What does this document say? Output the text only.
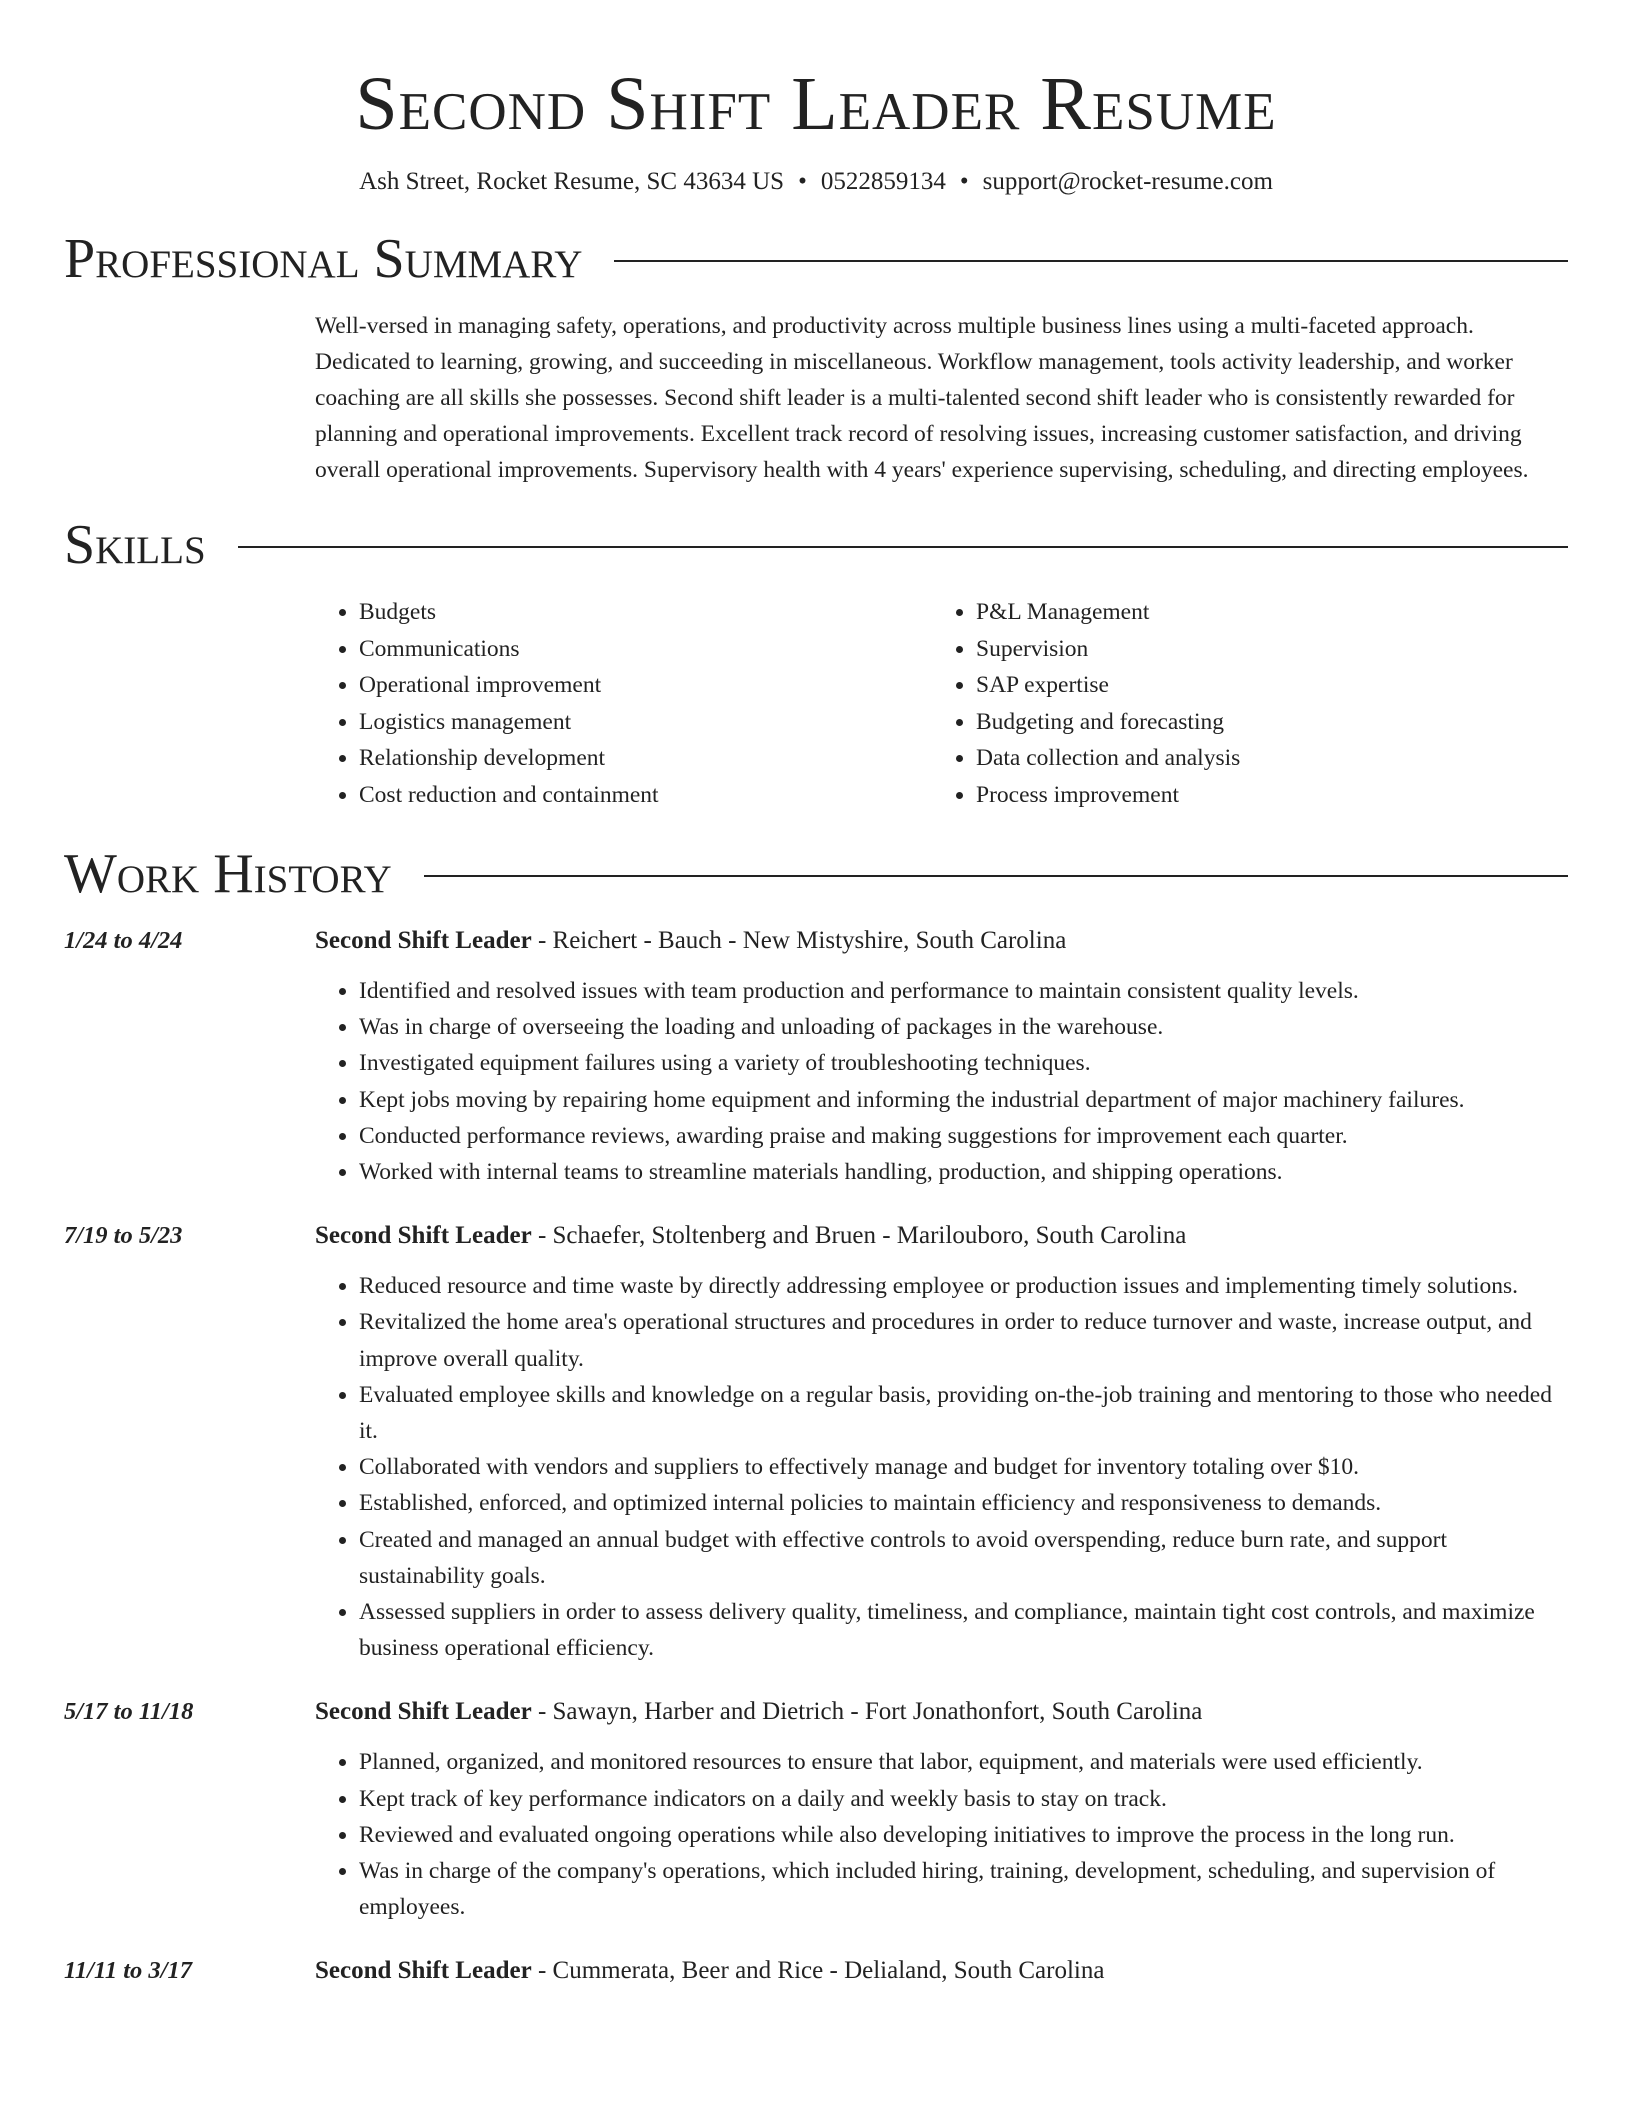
Second Shift Leader Resume
Ash Street, Rocket Resume, SC 43634 US • 0522859134 • support@rocket-resume.com
Professional Summary

Well-versed in managing safety, operations, and productivity across multiple business lines using a multi-faceted approach. Dedicated to learning, growing, and succeeding in miscellaneous. Workflow management, tools activity leadership, and worker coaching are all skills she possesses. Second shift leader is a multi-talented second shift leader who is consistently rewarded for planning and operational improvements. Excellent track record of resolving issues, increasing customer satisfaction, and driving overall operational improvements. Supervisory health with 4 years' experience supervising, scheduling, and directing employees.

Skills
• Budgets
• Communications
• Operational improvement
• Logistics management
• Relationship development
• Cost reduction and containment
• P&L Management
• Supervision
• SAP expertise
• Budgeting and forecasting
• Data collection and analysis
• Process improvement
Work History
1/24 to 4/24	Second Shift Leader - Reichert - Bauch - New Mistyshire, South Carolina
• Identified and resolved issues with team production and performance to maintain consistent quality levels.
• Was in charge of overseeing the loading and unloading of packages in the warehouse.
• Investigated equipment failures using a variety of troubleshooting techniques.
• Kept jobs moving by repairing home equipment and informing the industrial department of major machinery failures.
• Conducted performance reviews, awarding praise and making suggestions for improvement each quarter.
• Worked with internal teams to streamline materials handling, production, and shipping operations.
7/19 to 5/23	Second Shift Leader - Schaefer, Stoltenberg and Bruen - Marilouboro, South Carolina
• Reduced resource and time waste by directly addressing employee or production issues and implementing timely solutions.
• Revitalized the home area's operational structures and procedures in order to reduce turnover and waste, increase output, and improve overall quality.
• Evaluated employee skills and knowledge on a regular basis, providing on-the-job training and mentoring to those who needed it.
• Collaborated with vendors and suppliers to effectively manage and budget for inventory totaling over $10.
• Established, enforced, and optimized internal policies to maintain efficiency and responsiveness to demands.
• Created and managed an annual budget with effective controls to avoid overspending, reduce burn rate, and support sustainability goals.
• Assessed suppliers in order to assess delivery quality, timeliness, and compliance, maintain tight cost controls, and maximize business operational efficiency.
5/17 to 11/18	Second Shift Leader - Sawayn, Harber and Dietrich - Fort Jonathonfort, South Carolina
• Planned, organized, and monitored resources to ensure that labor, equipment, and materials were used efficiently.
• Kept track of key performance indicators on a daily and weekly basis to stay on track.
• Reviewed and evaluated ongoing operations while also developing initiatives to improve the process in the long run.
• Was in charge of the company's operations, which included hiring, training, development, scheduling, and supervision of employees.
11/11 to 3/17	Second Shift Leader - Cummerata, Beer and Rice - Delialand, South Carolina
